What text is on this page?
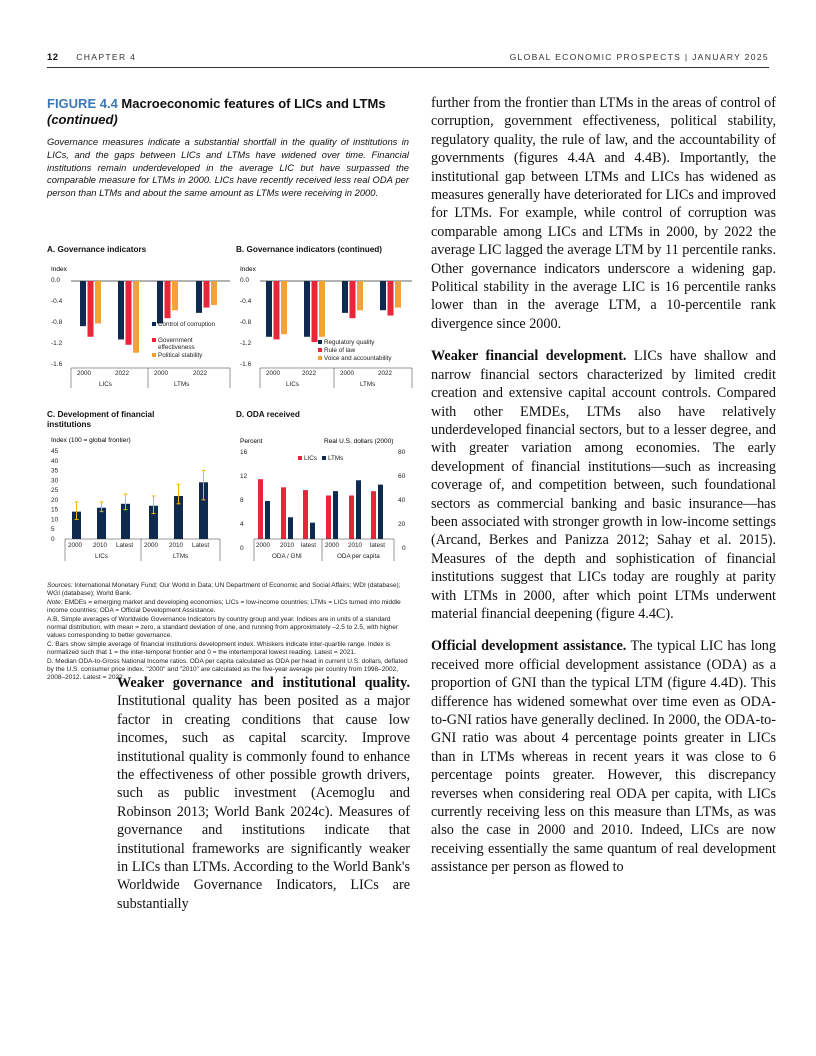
12 CHAPTER 4	GLOBAL ECONOMIC PROSPECTS | JANUARY 2025
FIGURE 4.4 Macroeconomic features of LICs and LTMs (continued)
Governance measures indicate a substantial shortfall in the quality of institutions in LICs, and the gaps between LICs and LTMs have widened over time. Financial institutions remain underdeveloped in the average LIC but have surpassed the comparable measure for LTMs in 2000. LICs have recently received less real ODA per person than LTMs and about the same amount as LTMs were receiving in 2000.
A. Governance indicators	B. Governance indicators (continued)
C. Development of financial institutions
D. ODA received
Index
0.0
-0.4
-0.8
-1.2
-1.6
2000	2022	2000	2022
LICs	LTMs
Control of corruption
Government
effectiveness
Political stability
Index
0.0
-0.4
-0.8
-1.2
-1.6
2000	2022	2000	2022
LICs	LTMs
Regulatory quality
Rule of law
Voice and accountability
Index (100 = global frontier)
45
40
35
30
25
20
15
10
5
0
2000 2010 Latest 2000 2010 Latest
LICs	LTMs
Percent	Real U.S. dollars (2000)
16
12
8
4
0
80
60
40
20
0
LICs LTMs
2000 2010 latest 2000 2010 latest
ODA / GNI	ODA per capita
Sources: International Monetary Fund; Our World in Data; UN Department of Economic and Social Affairs; WDI (database); WGI (database); World Bank.
Note: EMDEs = emerging market and developing economies; LICs = low-income countries; LTMs = LICs turned into middle income countries; ODA = Official Development Assistance.
A.B. Simple averages of Worldwide Governance Indicators by country group and year. Indices are in units of a standard normal distribution, with mean = zero, a standard deviation of one, and running from approximately –2.5 to 2.5, with higher values corresponding to better governance.
C. Bars show simple average of financial institutions development index. Whiskers indicate inter-quartile range. Index is normalized such that 1 = the inter-temporal frontier and 0 = the intertemporal lowest reading. Latest = 2021.
D. Median ODA-to-Gross National Income ratios. ODA per capita calculated as ODA per head in current U.S. dollars, deflated by the U.S. consumer price index. "2000" and "2010" are calculated as the five-year average per country from 1998–2002, 2008–2012. Latest = 2022.

Weaker governance and institutional quality. Institutional quality has been posited as a major factor in creating conditions that cause low incomes, such as capital scarcity. Improve institutional quality is commonly found to enhance the effectiveness of other possible growth drivers, such as public investment (Acemoglu and Robinson 2013; World Bank 2024c). Measures of governance and institutions indicate that institutional frameworks are significantly weaker in LICs than LTMs. According to the World Bank's Worldwide Governance Indicators, LICs are substantially

further from the frontier than LTMs in the areas of control of corruption, government effectiveness, political stability, regulatory quality, the rule of law, and the accountability of governments (figures 4.4A and 4.4B). Importantly, the institutional gap between LTMs and LICs has widened as measures generally have deteriorated for LICs and improved for LTMs. For example, while control of corruption was comparable among LICs and LTMs in 2000, by 2022 the average LIC lagged the average LTM by 11 percentile ranks. Other governance indicators underscore a widening gap. Political stability in the average LIC is 16 percentile ranks lower than in the average LTM, a 10-percentile rank divergence since 2000.

Weaker financial development. LICs have shallow and narrow financial sectors characterized by limited credit creation and extensive capital account controls. Compared with other EMDEs, LTMs also have relatively underdeveloped financial sectors, but to a lesser degree, and with greater variation among economies. The early development of financial institutions—such as increasing coverage of, and competition between, such foundational sectors as commercial banking and basic insurance—has been associated with stronger growth in low-income settings (Arcand, Berkes and Panizza 2012; Sahay et al. 2015). Measures of the depth and sophistication of financial institutions suggest that LICs today are roughly at parity with LTMs in 2000, after which point LTMs underwent material financial deepening (figure 4.4C).

Official development assistance. The typical LIC has long received more official development assistance (ODA) as a proportion of GNI than the typical LTM (figure 4.4D). This difference has widened somewhat over time even as ODA-to-GNI ratios have generally declined. In 2000, the ODA-to-GNI ratio was about 4 percentage points greater in LICs than in LTMs whereas in recent years it was close to 6 percentage points greater. However, this discrepancy reverses when considering real ODA per capita, with LICs currently receiving less on this measure than LTMs, as was also the case in 2000 and 2010. Indeed, LICs are now receiving essentially the same quantum of real development assistance per person as flowed to
